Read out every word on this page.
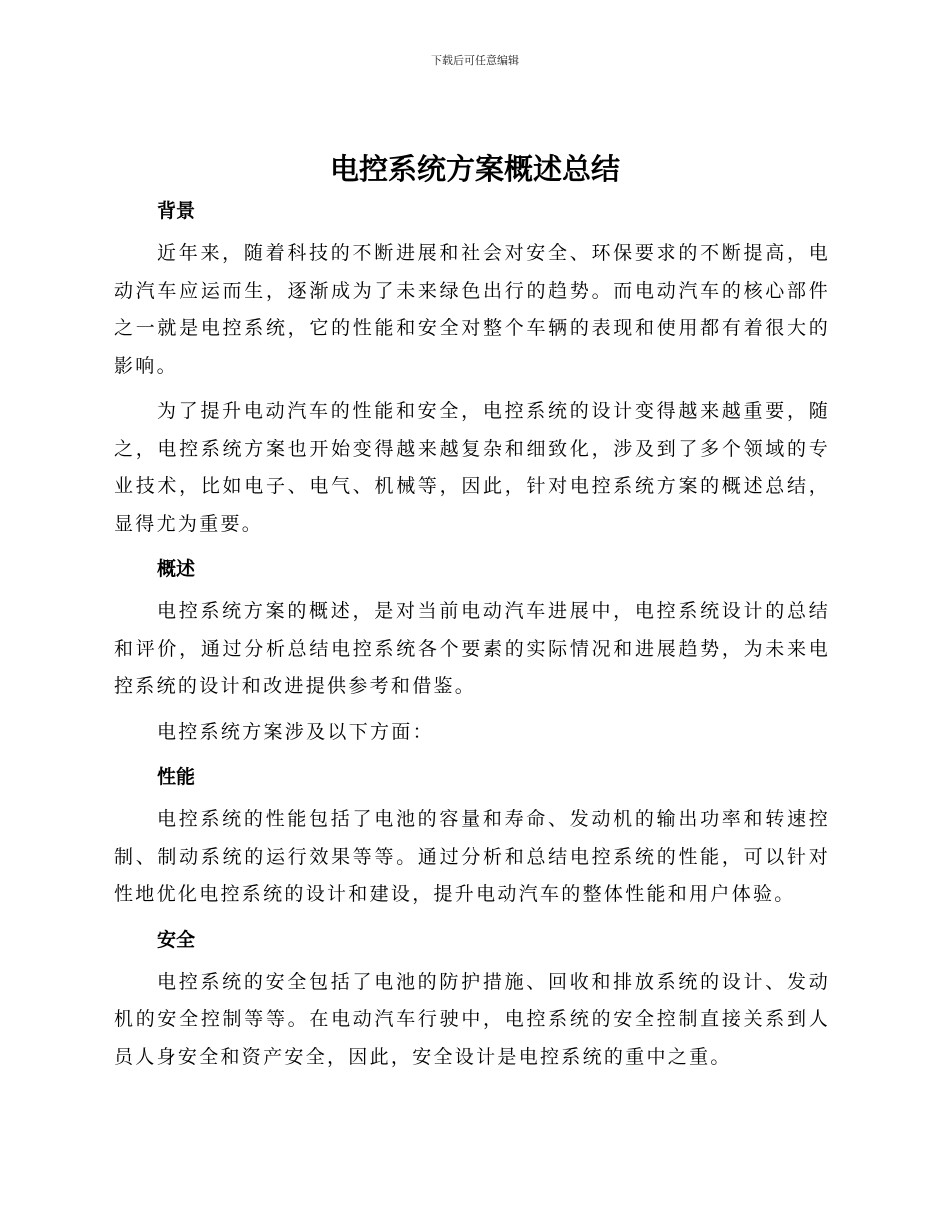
下载后可任意编辑
电控系统方案概述总结
背景

近年来，随着科技的不断进展和社会对安全、环保要求的不断提高，电动汽车应运而生，逐渐成为了未来绿色出行的趋势。而电动汽车的核心部件之一就是电控系统，它的性能和安全对整个车辆的表现和使用都有着很大的影响。

为了提升电动汽车的性能和安全，电控系统的设计变得越来越重要，随之，电控系统方案也开始变得越来越复杂和细致化，涉及到了多个领域的专业技术，比如电子、电气、机械等，因此，针对电控系统方案的概述总结，显得尤为重要。

概述

电控系统方案的概述，是对当前电动汽车进展中，电控系统设计的总结和评价，通过分析总结电控系统各个要素的实际情况和进展趋势，为未来电控系统的设计和改进提供参考和借鉴。

电控系统方案涉及以下方面：

性能

电控系统的性能包括了电池的容量和寿命、发动机的输出功率和转速控制、制动系统的运行效果等等。通过分析和总结电控系统的性能，可以针对性地优化电控系统的设计和建设，提升电动汽车的整体性能和用户体验。

安全

电控系统的安全包括了电池的防护措施、回收和排放系统的设计、发动机的安全控制等等。在电动汽车行驶中，电控系统的安全控制直接关系到人员人身安全和资产安全，因此，安全设计是电控系统的重中之重。
